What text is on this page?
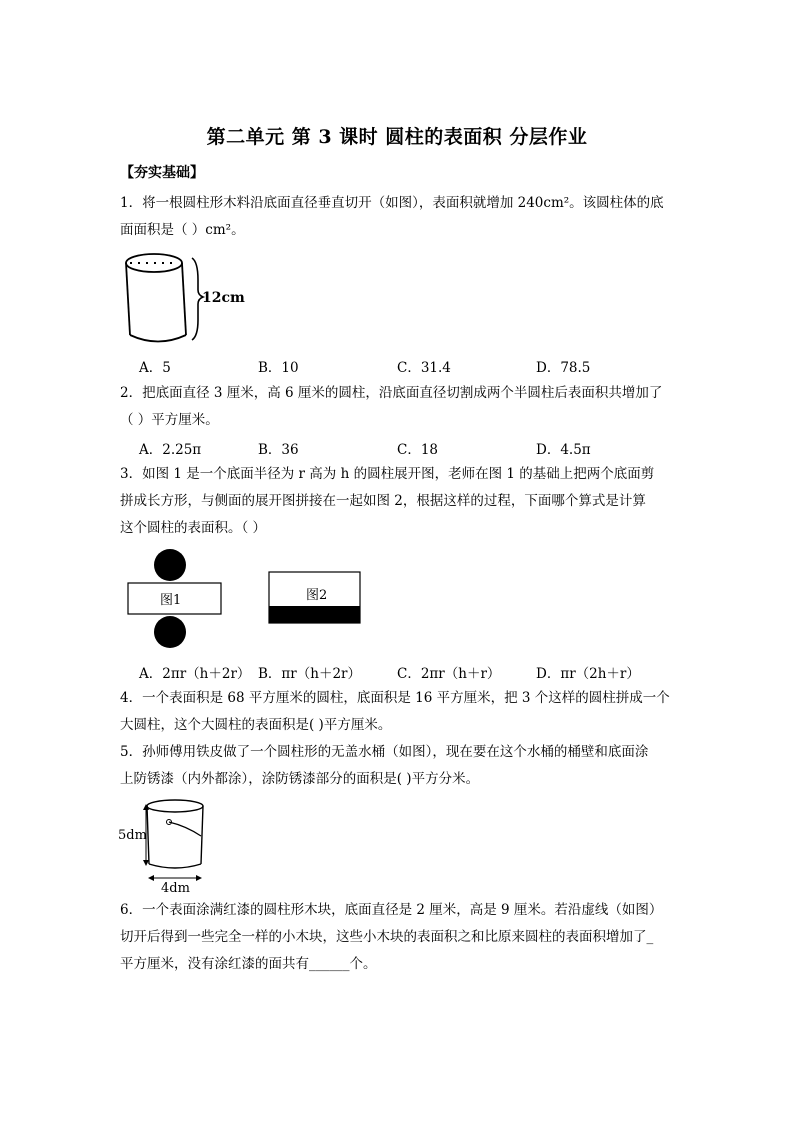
第二单元 第 3 课时 圆柱的表面积 分层作业
【夯实基础】
1．将一根圆柱形木料沿底面直径垂直切开（如图），表面积就增加 240cm²。该圆柱体的底
面面积是（ ）cm²。
12cm
A．5	B．10	C．31.4	D．78.5
2．把底面直径 3 厘米，高 6 厘米的圆柱，沿底面直径切割成两个半圆柱后表面积共增加了
（ ）平方厘米。
A．2.25π	B．36	C．18	D．4.5π
3．如图 1 是一个底面半径为 r 高为 h 的圆柱展开图，老师在图 1 的基础上把两个底面剪
拼成长方形，与侧面的展开图拼接在一起如图 2，根据这样的过程，下面哪个算式是计算
这个圆柱的表面积。（ ）
图1	图2
A．2πr（h＋2r） B．πr（h＋2r）	C．2πr（h＋r）	D．πr（2h＋r）
4．一个表面积是 68 平方厘米的圆柱，底面积是 16 平方厘米，把 3 个这样的圆柱拼成一个
大圆柱，这个大圆柱的表面积是( )平方厘米。
5．孙师傅用铁皮做了一个圆柱形的无盖水桶（如图），现在要在这个水桶的桶壁和底面涂
上防锈漆（内外都涂），涂防锈漆部分的面积是( )平方分米。
5dm
4dm
6．一个表面涂满红漆的圆柱形木块，底面直径是 2 厘米，高是 9 厘米。若沿虚线（如图）
切开后得到一些完全一样的小木块，这些小木块的表面积之和比原来圆柱的表面积增加了_
平方厘米，没有涂红漆的面共有______个。
